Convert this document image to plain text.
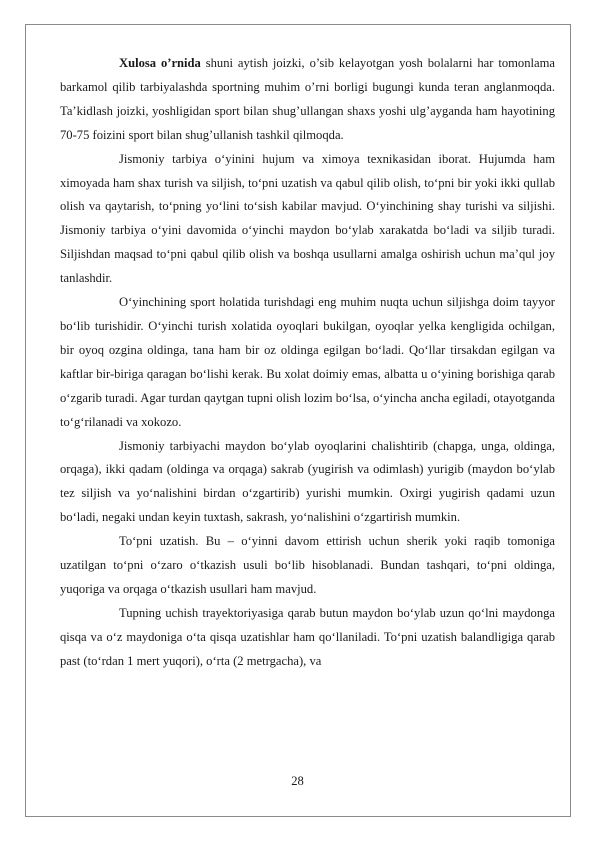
Xulosa o’rnida shuni aytish joizki, o’sib kelayotgan yosh bolalarni har tomonlama barkamol qilib tarbiyalashda sportning muhim o’rni borligi bugungi kunda teran anglanmoqda. Ta’kidlash joizki, yoshligidan sport bilan shug’ullangan shaxs yoshi ulg’ayganda ham hayotining 70-75 foizini sport bilan shug’ullanish tashkil qilmoqda.

Jismoniy tarbiya o‘yinini hujum va ximoya texnikasidan iborat. Hujumda ham ximoyada ham shax turish va siljish, to‘pni uzatish va qabul qilib olish, to‘pni bir yoki ikki qullab olish va qaytarish, to‘pning yo‘lini to‘sish kabilar mavjud. O‘yinchining shay turishi va siljishi. Jismoniy tarbiya o‘yini davomida o‘yinchi maydon bo‘ylab xarakatda bo‘ladi va siljib turadi. Siljishdan maqsad to‘pni qabul qilib olish va boshqa usullarni amalga oshirish uchun ma’qul joy tanlashdir.

O‘yinchining sport holatida turishdagi eng muhim nuqta uchun siljishga doim tayyor bo‘lib turishidir. O‘yinchi turish xolatida oyoqlari bukilgan, oyoqlar yelka kengligida ochilgan, bir oyoq ozgina oldinga, tana ham bir oz oldinga egilgan bo‘ladi. Qo‘llar tirsakdan egilgan va kaftlar bir-biriga qaragan bo‘lishi kerak. Bu xolat doimiy emas, albatta u o‘yining borishiga qarab o‘zgarib turadi. Agar turdan qaytgan tupni olish lozim bo‘lsa, o‘yincha ancha egiladi, otayotganda to‘g‘rilanadi va xokozo.

Jismoniy tarbiyachi maydon bo‘ylab oyoqlarini chalishtirib (chapga, unga, oldinga, orqaga), ikki qadam (oldinga va orqaga) sakrab (yugirish va odimlash) yurigib (maydon bo‘ylab tez siljish va yo‘nalishini birdan o‘zgartirib) yurishi mumkin. Oxirgi yugirish qadami uzun bo‘ladi, negaki undan keyin tuxtash, sakrash, yo‘nalishini o‘zgartirish mumkin.

To‘pni uzatish. Bu – o‘yinni davom ettirish uchun sherik yoki raqib tomoniga uzatilgan to‘pni o‘zaro o‘tkazish usuli bo‘lib hisoblanadi. Bundan tashqari, to‘pni oldinga, yuqoriga va orqaga o‘tkazish usullari ham mavjud.

Tupning uchish trayektoriyasiga qarab butun maydon bo‘ylab uzun qo‘lni maydonga qisqa va o‘z maydoniga o‘ta qisqa uzatishlar ham qo‘llaniladi. To‘pni uzatish balandligiga qarab past (to‘rdan 1 mert yuqori), o‘rta (2 metrgacha), va

28
